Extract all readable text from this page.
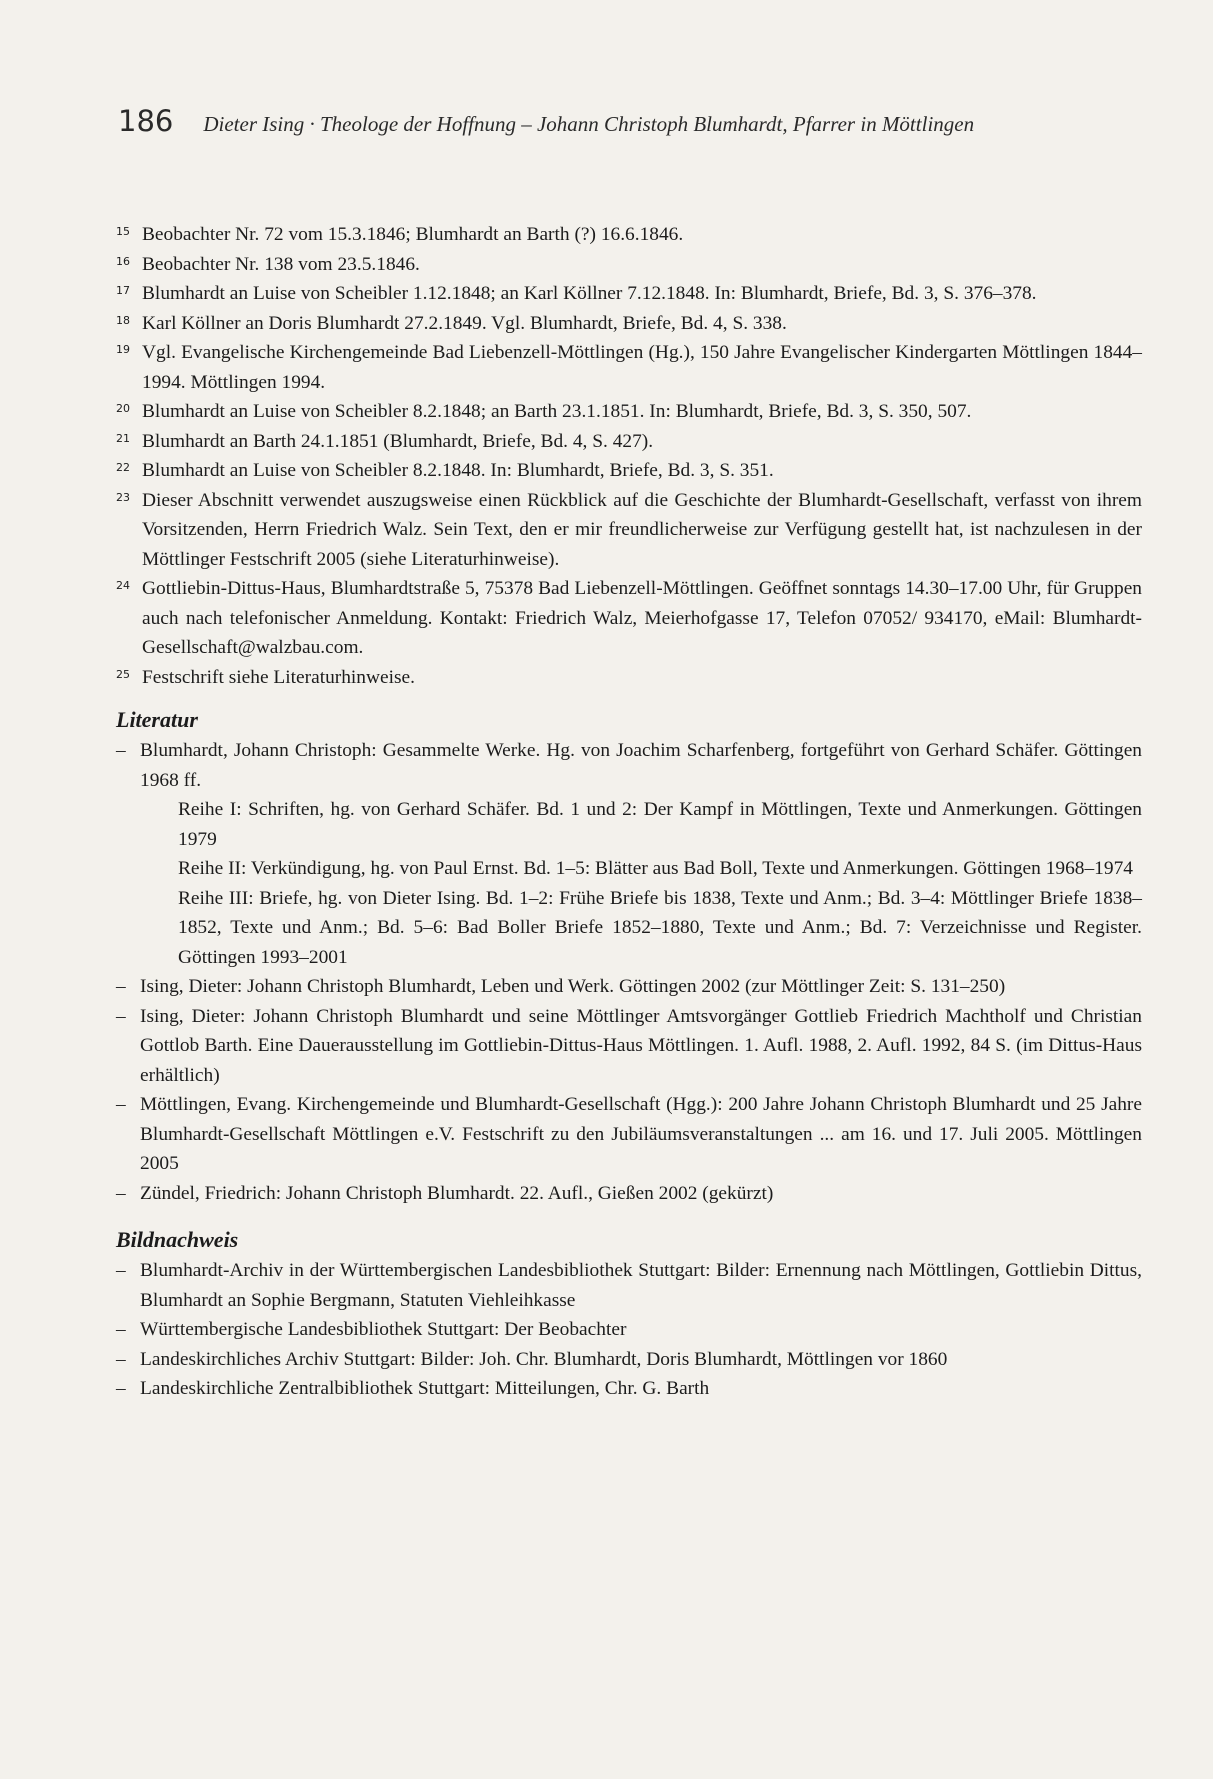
186 Dieter Ising · Theologe der Hoffnung – Johann Christoph Blumhardt, Pfarrer in Möttlingen
15 Beobachter Nr. 72 vom 15.3.1846; Blumhardt an Barth (?) 16.6.1846.
16 Beobachter Nr. 138 vom 23.5.1846.
17 Blumhardt an Luise von Scheibler 1.12.1848; an Karl Köllner 7.12.1848. In: Blumhardt, Briefe, Bd. 3, S. 376–378.
18 Karl Köllner an Doris Blumhardt 27.2.1849. Vgl. Blumhardt, Briefe, Bd. 4, S. 338.
19 Vgl. Evangelische Kirchengemeinde Bad Liebenzell-Möttlingen (Hg.), 150 Jahre Evangelischer Kindergarten Möttlingen 1844–1994. Möttlingen 1994.
20 Blumhardt an Luise von Scheibler 8.2.1848; an Barth 23.1.1851. In: Blumhardt, Briefe, Bd. 3, S. 350, 507.
21 Blumhardt an Barth 24.1.1851 (Blumhardt, Briefe, Bd. 4, S. 427).
22 Blumhardt an Luise von Scheibler 8.2.1848. In: Blumhardt, Briefe, Bd. 3, S. 351.
23 Dieser Abschnitt verwendet auszugsweise einen Rückblick auf die Geschichte der Blumhardt-Gesellschaft, verfasst von ihrem Vorsitzenden, Herrn Friedrich Walz. Sein Text, den er mir freundlicherweise zur Verfügung gestellt hat, ist nachzulesen in der Möttlinger Festschrift 2005 (siehe Literaturhinweise).
24 Gottliebin-Dittus-Haus, Blumhardtstraße 5, 75378 Bad Liebenzell-Möttlingen. Geöffnet sonntags 14.30–17.00 Uhr, für Gruppen auch nach telefonischer Anmeldung. Kontakt: Friedrich Walz, Meierhofgasse 17, Telefon 07052/ 934170, eMail: Blumhardt-Gesellschaft@walzbau.com.
25 Festschrift siehe Literaturhinweise.
Literatur
– Blumhardt, Johann Christoph: Gesammelte Werke. Hg. von Joachim Scharfenberg, fortgeführt von Gerhard Schäfer. Göttingen 1968 ff.
Reihe I: Schriften, hg. von Gerhard Schäfer. Bd. 1 und 2: Der Kampf in Möttlingen, Texte und Anmerkungen. Göttingen 1979
Reihe II: Verkündigung, hg. von Paul Ernst. Bd. 1–5: Blätter aus Bad Boll, Texte und Anmerkungen. Göttingen 1968–1974
Reihe III: Briefe, hg. von Dieter Ising. Bd. 1–2: Frühe Briefe bis 1838, Texte und Anm.; Bd. 3–4: Möttlinger Briefe 1838–1852, Texte und Anm.; Bd. 5–6: Bad Boller Briefe 1852–1880, Texte und Anm.; Bd. 7: Verzeichnisse und Register. Göttingen 1993–2001
– Ising, Dieter: Johann Christoph Blumhardt, Leben und Werk. Göttingen 2002 (zur Möttlinger Zeit: S. 131–250)
– Ising, Dieter: Johann Christoph Blumhardt und seine Möttlinger Amtsvorgänger Gottlieb Friedrich Machtholf und Christian Gottlob Barth. Eine Dauerausstellung im Gottliebin-Dittus-Haus Möttlingen. 1. Aufl. 1988, 2. Aufl. 1992, 84 S. (im Dittus-Haus erhältlich)
– Möttlingen, Evang. Kirchengemeinde und Blumhardt-Gesellschaft (Hgg.): 200 Jahre Johann Christoph Blumhardt und 25 Jahre Blumhardt-Gesellschaft Möttlingen e.V. Festschrift zu den Jubiläumsveranstaltungen ... am 16. und 17. Juli 2005. Möttlingen 2005
– Zündel, Friedrich: Johann Christoph Blumhardt. 22. Aufl., Gießen 2002 (gekürzt)
Bildnachweis
– Blumhardt-Archiv in der Württembergischen Landesbibliothek Stuttgart: Bilder: Ernennung nach Möttlingen, Gottliebin Dittus, Blumhardt an Sophie Bergmann, Statuten Viehleihkasse
– Württembergische Landesbibliothek Stuttgart: Der Beobachter
– Landeskirchliches Archiv Stuttgart: Bilder: Joh. Chr. Blumhardt, Doris Blumhardt, Möttlingen vor 1860
– Landeskirchliche Zentralbibliothek Stuttgart: Mitteilungen, Chr. G. Barth
